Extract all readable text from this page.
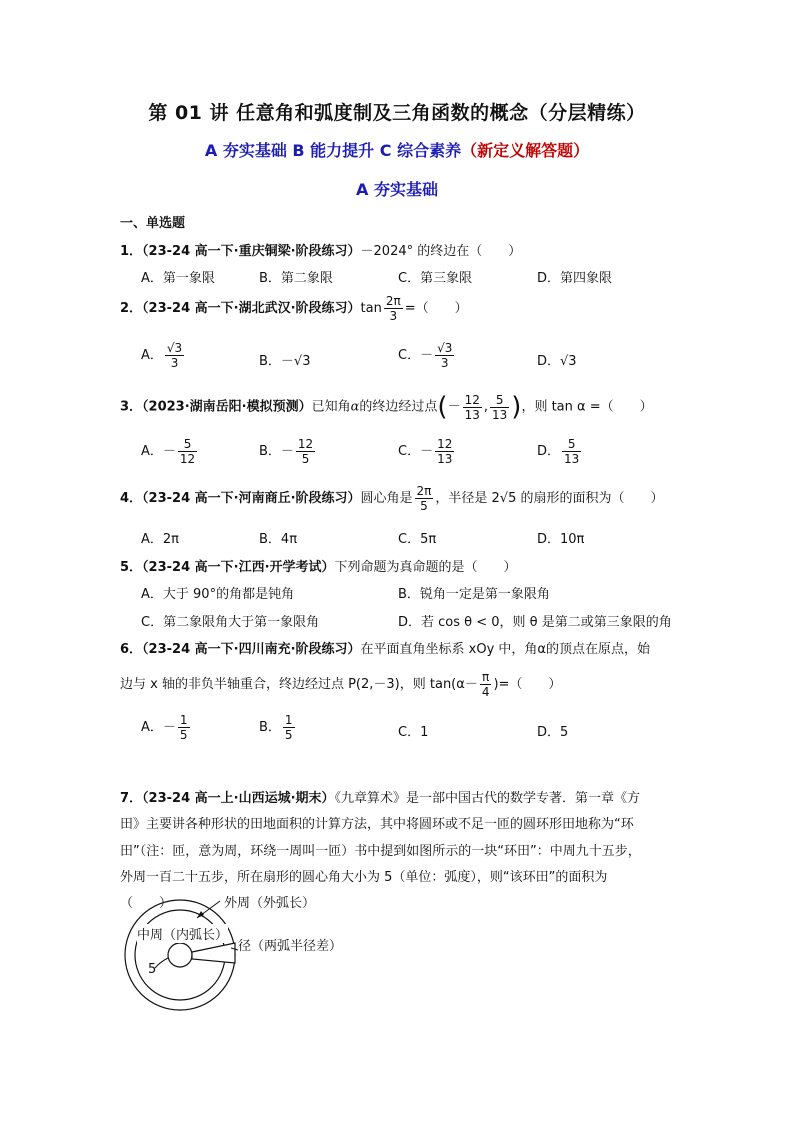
第 01 讲 任意角和弧度制及三角函数的概念（分层精练）
A 夯实基础 B 能力提升 C 综合素养（新定义解答题）
A 夯实基础
一、单选题
1．（23-24 高一下·重庆铜梁·阶段练习）－2024° 的终边在（　　）
A．第一象限	B．第二象限	C．第三象限	D．第四象限
2．（23-24 高一下·湖北武汉·阶段练习）$\tan \frac{2\pi}{3}$ =（　　）
A． $\frac{√3}{3}$	B．－√3	C．－ $\frac{√3}{3}$	D．√3
3．（2023·湖南岳阳·模拟预测）已知角α的终边经过点(－ $\frac{12}{13}$ , $\frac{5}{13}$ )，则 tan α =（　　）
A．－ $\frac{5}{12}$	B．－ $\frac{12}{5}$	C．－ $\frac{12}{13}$	D． $\frac{5}{13}$
4．（23-24 高一下·河南商丘·阶段练习）圆心角是 $\frac{2\pi}{5}$ ，半径是 2√5 的扇形的面积为（　　）
A．2π	B．4π	C．5π	D．10π
5．（23-24 高一下·江西·开学考试）下列命题为真命题的是（　　）
A．大于 90°的角都是钝角	B．锐角一定是第一象限角
C．第二象限角大于第一象限角	D．若 cos θ < 0，则 θ 是第二或第三象限的角
6．（23-24 高一下·四川南充·阶段练习）在平面直角坐标系 xOy 中，角α的顶点在原点，始
边与 x 轴的非负半轴重合，终边经过点 P(2,－3)，则 $\tan(\alpha- \frac{\pi}{4}$ )=（　　）
A．－ $\frac{1}{5}$	B． $\frac{1}{5}$	C．1	D．5
7．（23-24 高一上·山西运城·期末）《九章算术》是一部中国古代的数学专著．第一章《方
田》主要讲各种形状的田地面积的计算方法，其中将圆环或不足一匝的圆环形田地称为“环
田”（注：匝，意为周，环绕一周叫一匝）书中提到如图所示的一块“环田”：中周九十五步，
外周一百二十五步，所在扇形的圆心角大小为 5（单位：弧度），则“该环田”的面积为
（　　）	外周（外弧长）
中周（内弧长）
径（两弧半径差）
5
